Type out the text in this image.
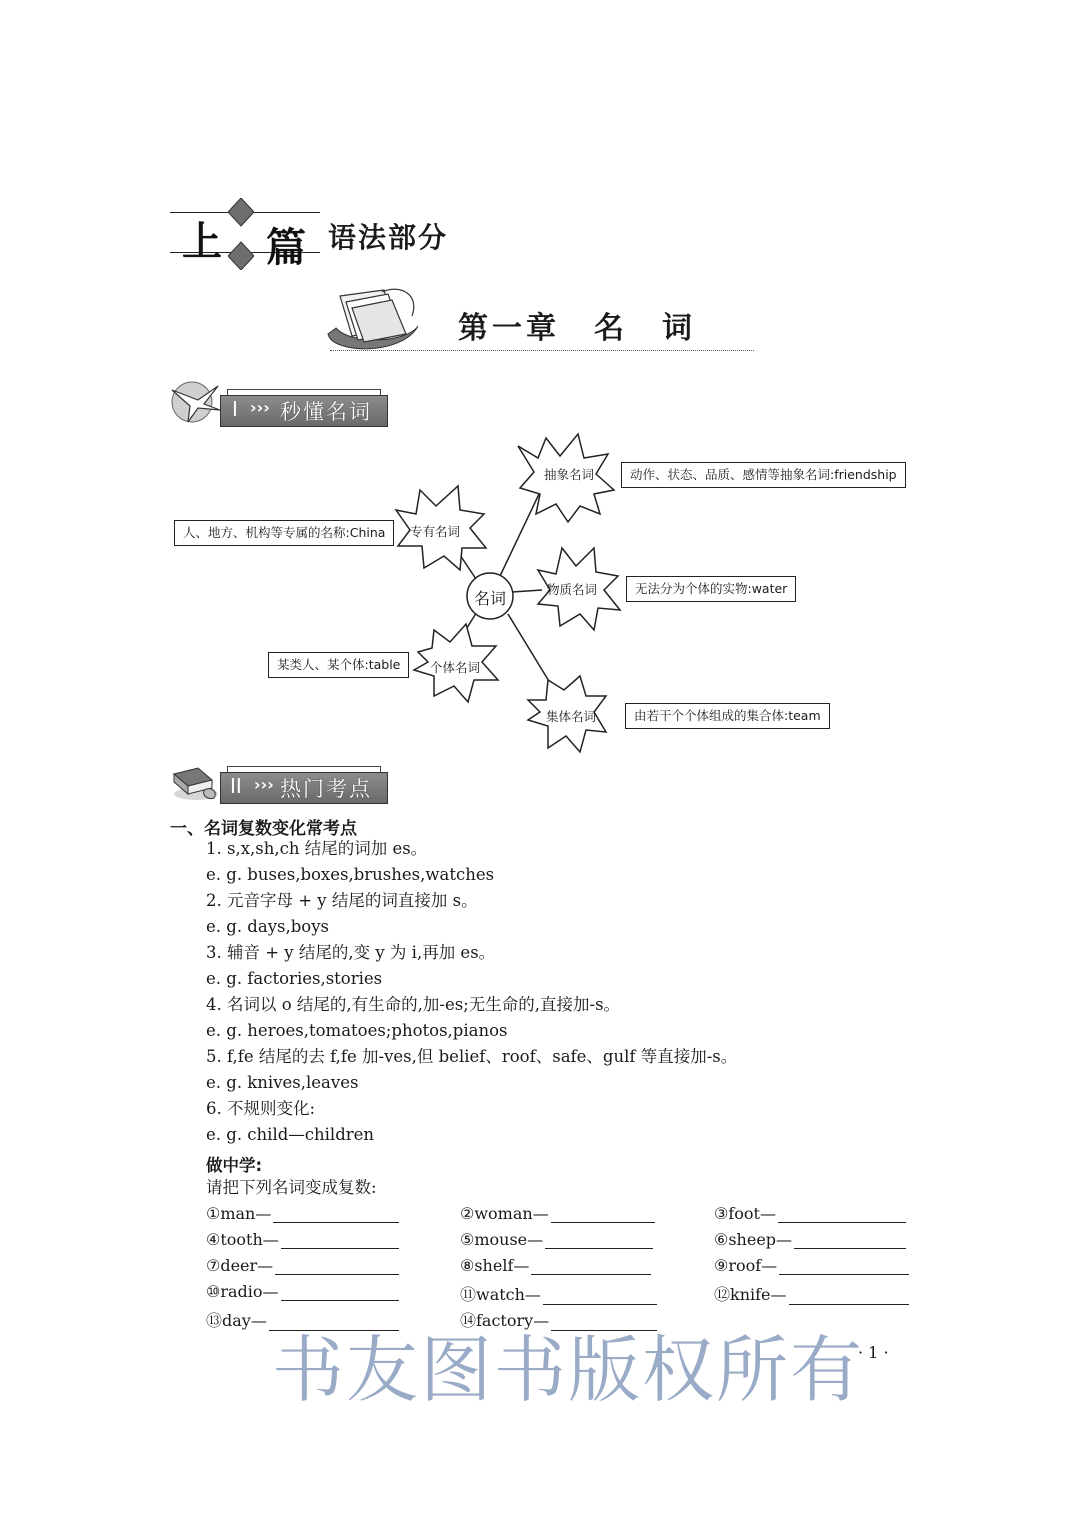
上 篇 语法部分
第一章　名　词
I ››› 秒懂名词
名词
抽象名词	动作、状态、品质、感情等抽象名词:friendship
专有名词
人、地方、机构等专属的名称:China
物质名词	无法分为个体的实物:water
个体名词
某类人、某个体:table
集体名词	由若干个个体组成的集合体:team
II ››› 热门考点
一、名词复数变化常考点
1. s,x,sh,ch 结尾的词加 es。
e. g. buses,boxes,brushes,watches
2. 元音字母 + y 结尾的词直接加 s。
e. g. days,boys
3. 辅音 + y 结尾的,变 y 为 i,再加 es。
e. g. factories,stories
4. 名词以 o 结尾的,有生命的,加-es;无生命的,直接加-s。
e. g. heroes,tomatoes;photos,pianos
5. f,fe 结尾的去 f,fe 加-ves,但 belief、roof、safe、gulf 等直接加-s。
e. g. knives,leaves
6. 不规则变化:
e. g. child—children
做中学:
请把下列名词变成复数:
①man—	②woman—	③foot—
④tooth—	⑤mouse—	⑥sheep—
⑦deer—	⑧shelf—	⑨roof—
⑩radio—	⑪watch—	⑫knife—
⑬day—	⑭factory—
书友图书版权所有
· 1 ·
